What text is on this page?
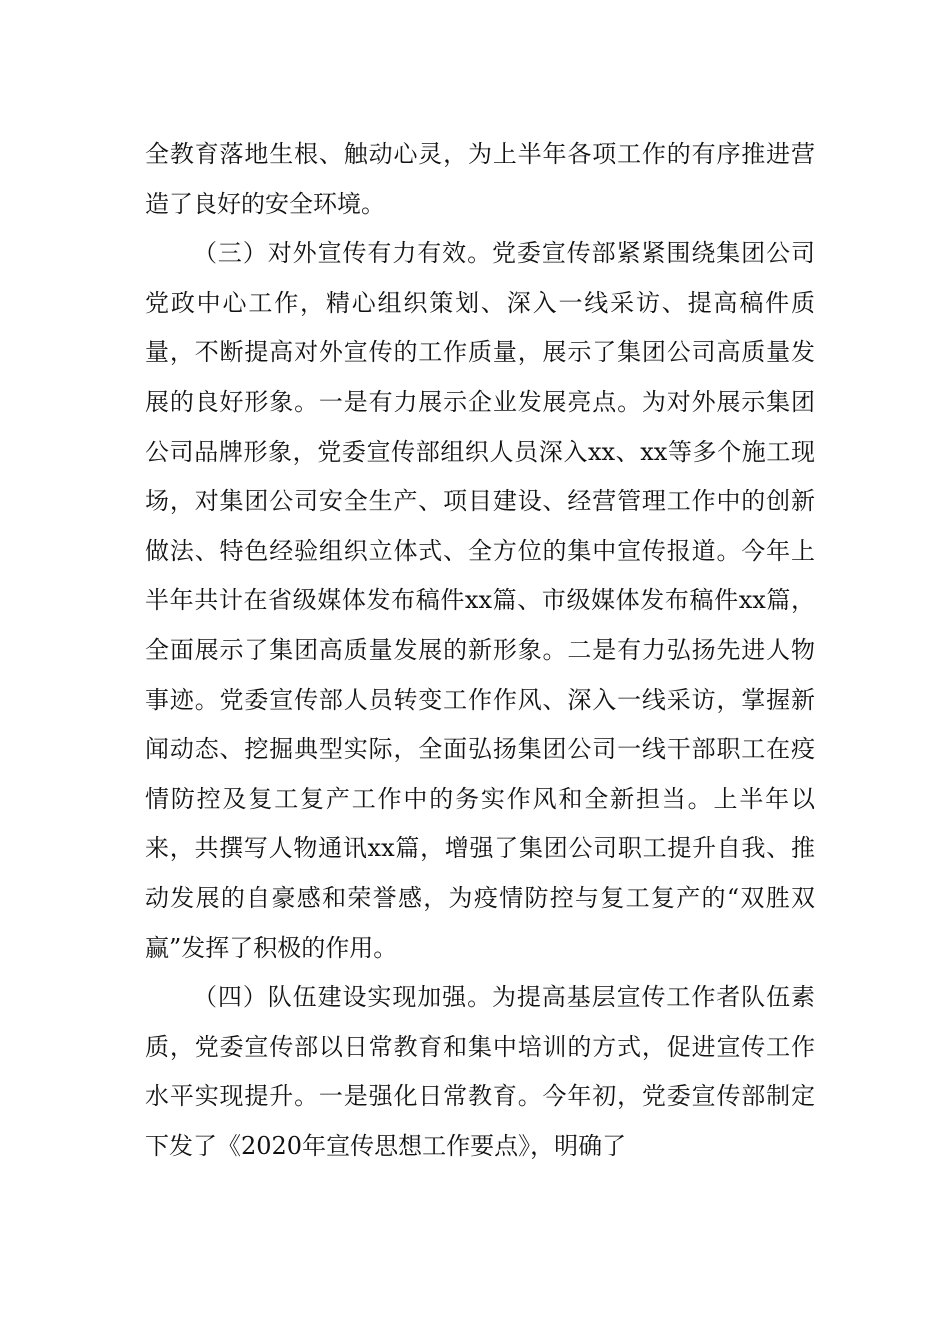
全教育落地生根、触动心灵，为上半年各项工作的有序推进营造了良好的安全环境。

（三）对外宣传有力有效。党委宣传部紧紧围绕集团公司党政中心工作，精心组织策划、深入一线采访、提高稿件质量，不断提高对外宣传的工作质量，展示了集团公司高质量发展的良好形象。一是有力展示企业发展亮点。为对外展示集团公司品牌形象，党委宣传部组织人员深入xx、xx等多个施工现场，对集团公司安全生产、项目建设、经营管理工作中的创新做法、特色经验组织立体式、全方位的集中宣传报道。今年上半年共计在省级媒体发布稿件xx篇、市级媒体发布稿件xx篇，全面展示了集团高质量发展的新形象。二是有力弘扬先进人物事迹。党委宣传部人员转变工作作风、深入一线采访，掌握新闻动态、挖掘典型实际，全面弘扬集团公司一线干部职工在疫情防控及复工复产工作中的务实作风和全新担当。上半年以来，共撰写人物通讯xx篇，增强了集团公司职工提升自我、推动发展的自豪感和荣誉感，为疫情防控与复工复产的“双胜双赢”发挥了积极的作用。

（四）队伍建设实现加强。为提高基层宣传工作者队伍素质，党委宣传部以日常教育和集中培训的方式，促进宣传工作水平实现提升。一是强化日常教育。今年初，党委宣传部制定下发了《2020年宣传思想工作要点》，明确了
